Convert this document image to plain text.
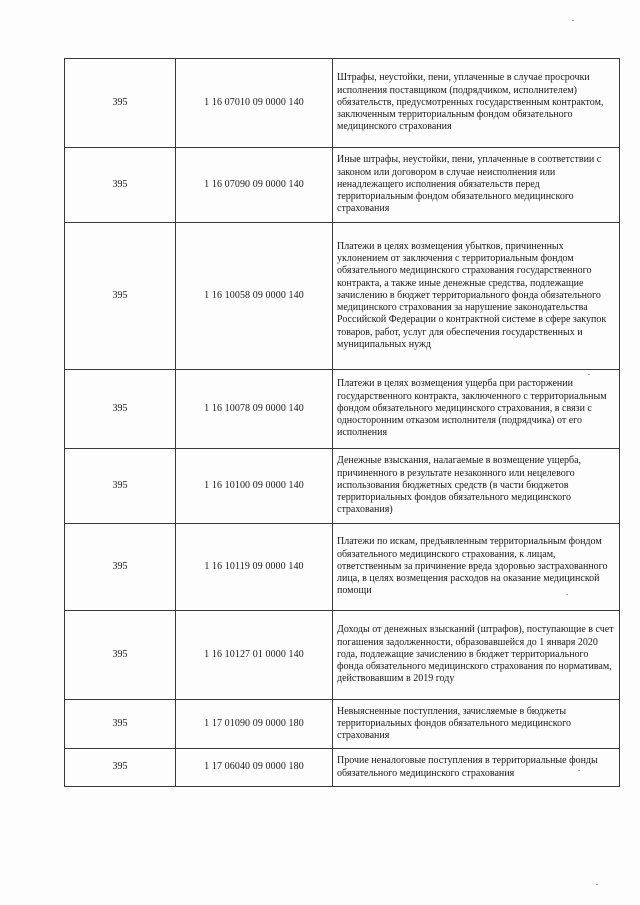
395	1 16 07010 09 0000 140	Штрафы, неустойки, пени, уплаченные в случае просрочки исполнения поставщиком (подрядчиком, исполнителем) обязательств, предусмотренных государственным контрактом, заключенным территориальным фондом обязательного медицинского страхования

395	1 16 07090 09 0000 140	Иные штрафы, неустойки, пени, уплаченные в соответствии с законом или договором в случае неисполнения или ненадлежащего исполнения обязательств перед территориальным фондом обязательного медицинского страхования

395	1 16 10058 09 0000 140	Платежи в целях возмещения убытков, причиненных уклонением от заключения с территориальным фондом обязательного медицинского страхования государственного контракта, а также иные денежные средства, подлежащие зачислению в бюджет территориального фонда обязательного медицинского страхования за нарушение законодательства Российской Федерации о контрактной системе в сфере закупок товаров, работ, услуг для обеспечения государственных и муниципальных нужд

395	1 16 10078 09 0000 140	Платежи в целях возмещения ущерба при расторжении государственного контракта, заключенного с территориальным фондом обязательного медицинского страхования, в связи с односторонним отказом исполнителя (подрядчика) от его исполнения

395	1 16 10100 09 0000 140	Денежные взыскания, налагаемые в возмещение ущерба, причиненного в результате незаконного или нецелевого использования бюджетных средств (в части бюджетов территориальных фондов обязательного медицинского страхования)

395	1 16 10119 09 0000 140	Платежи по искам, предъявленным территориальным фондом обязательного медицинского страхования, к лицам, ответственным за причинение вреда здоровью застрахованного лица, в целях возмещения расходов на оказание медицинской помощи

395	1 16 10127 01 0000 140	Доходы от денежных взысканий (штрафов), поступающие в счет погашения задолженности, образовавшейся до 1 января 2020 года, подлежащие зачислению в бюджет территориального фонда обязательного медицинского страхования по нормативам, действовавшим в 2019 году

395	1 17 01090 09 0000 180	Невыясненные поступления, зачисляемые в бюджеты территориальных фондов обязательного медицинского страхования

395	1 17 06040 09 0000 180	Прочие неналоговые поступления в территориальные фонды обязательного медицинского страхования
